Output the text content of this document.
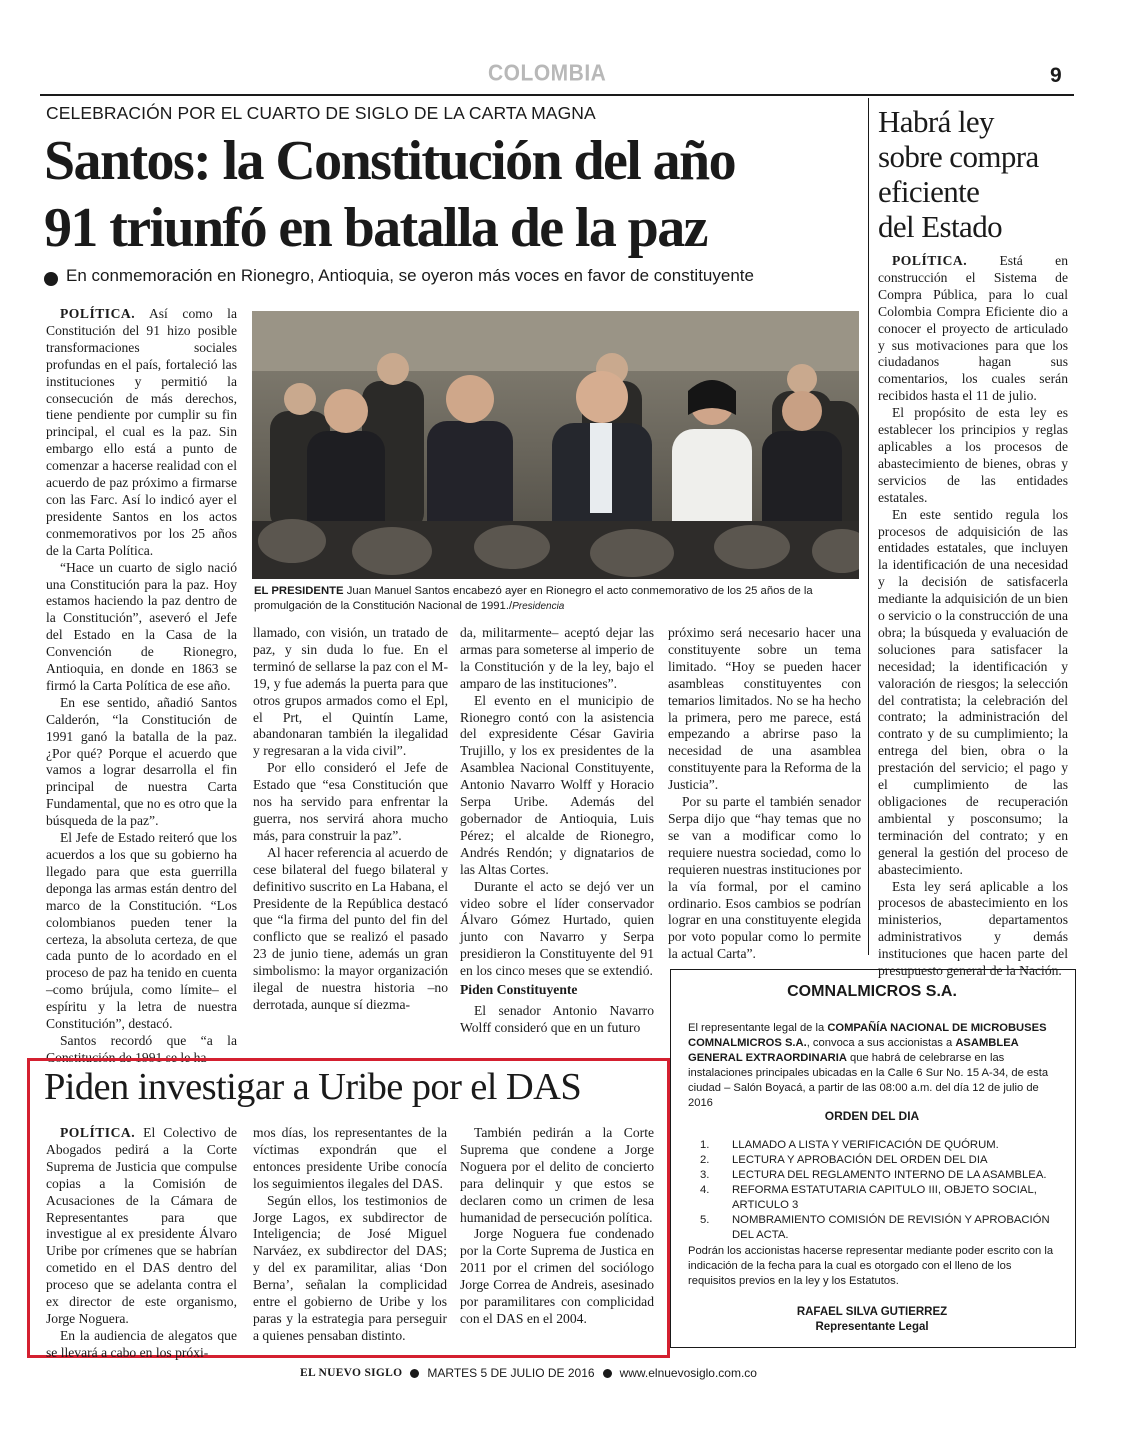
COLOMBIA	9
CELEBRACIÓN POR EL CUARTO DE SIGLO DE LA CARTA MAGNA
Santos: la Constitución del año
91 triunfó en batalla de la paz
En conmemoración en Rionegro, Antioquia, se oyeron más voces en favor de constituyente

POLÍTICA. Así como la Constitución del 91 hizo posible transformaciones sociales profundas en el país, fortaleció las instituciones y permitió la consecución de más derechos, tiene pendiente por cumplir su fin principal, el cual es la paz. Sin embargo ello está a punto de comenzar a hacerse realidad con el acuerdo de paz próximo a firmarse con las Farc. Así lo indicó ayer el presidente Santos en los actos conmemorativos por los 25 años de la Carta Política.

“Hace un cuarto de siglo nació una Constitución para la paz. Hoy estamos haciendo la paz dentro de la Constitución”, aseveró el Jefe del Estado en la Casa de la Convención de Rionegro, Antioquia, en donde en 1863 se firmó la Carta Política de ese año.

En ese sentido, añadió Santos Calderón, “la Constitución de 1991 ganó la batalla de la paz. ¿Por qué? Porque el acuerdo que vamos a lograr desarrolla el fin principal de nuestra Carta Fundamental, que no es otro que la búsqueda de la paz”.

El Jefe de Estado reiteró que los acuerdos a los que su gobierno ha llegado para que esta guerrilla deponga las armas están dentro del marco de la Constitución. “Los colombianos pueden tener la certeza, la absoluta certeza, de que cada punto de lo acordado en el proceso de paz ha tenido en cuenta –como brújula, como límite– el espíritu y la letra de nuestra Constitución”, destacó.

Santos recordó que “a la Constitución de 1991 se le ha

EL PRESIDENTE Juan Manuel Santos encabezó ayer en Rionegro el acto conmemorativo de los 25 años de la promulgación de la Constitución Nacional de 1991./Presidencia

llamado, con visión, un tratado de paz, y sin duda lo fue. En el terminó de sellarse la paz con el M-19, y fue además la puerta para que otros grupos armados como el Epl, el Prt, el Quintín Lame, abandonaran también la ilegalidad y regresaran a la vida civil”.

Por ello consideró el Jefe de Estado que “esa Constitución que nos ha servido para enfrentar la guerra, nos servirá ahora mucho más, para construir la paz”.

Al hacer referencia al acuerdo de cese bilateral del fuego bilateral y definitivo suscrito en La Habana, el Presidente de la República destacó que “la firma del punto del fin del conflicto que se realizó el pasado 23 de junio tiene, además un gran simbolismo: la mayor organización ilegal de nuestra historia –no derrotada, aunque sí diezma-

da, militarmente– aceptó dejar las armas para someterse al imperio de la Constitución y de la ley, bajo el amparo de las instituciones”.

El evento en el municipio de Rionegro contó con la asistencia del expresidente César Gaviria Trujillo, y los ex presidentes de la Asamblea Nacional Constituyente, Antonio Navarro Wolff y Horacio Serpa Uribe. Además del gobernador de Antioquia, Luis Pérez; el alcalde de Rionegro, Andrés Rendón; y dignatarios de las Altas Cortes.

Durante el acto se dejó ver un video sobre el líder conservador Álvaro Gómez Hurtado, quien junto con Navarro y Serpa presidieron la Constituyente del 91 en los cinco meses que se extendió.

Piden Constituyente

El senador Antonio Navarro Wolff consideró que en un futuro

próximo será necesario hacer una constituyente sobre un tema limitado. “Hoy se pueden hacer asambleas constituyentes con temarios limitados. No se ha hecho la primera, pero me parece, está empezando a abrirse paso la necesidad de una asamblea constituyente para la Reforma de la Justicia”.

Por su parte el también senador Serpa dijo que “hay temas que no se van a modificar como lo requiere nuestra sociedad, como lo requieren nuestras instituciones por la vía formal, por el camino ordinario. Esos cambios se podrían lograr en una constituyente elegida por voto popular como lo permite la actual Carta”.

Habrá ley
sobre compra
eficiente
del Estado

POLÍTICA. Está en construcción el Sistema de Compra Pública, para lo cual Colombia Compra Eficiente dio a conocer el proyecto de articulado y sus motivaciones para que los ciudadanos hagan sus comentarios, los cuales serán recibidos hasta el 11 de julio.

El propósito de esta ley es establecer los principios y reglas aplicables a los procesos de abastecimiento de bienes, obras y servicios de las entidades estatales.

En este sentido regula los procesos de adquisición de las entidades estatales, que incluyen la identificación de una necesidad y la decisión de satisfacerla mediante la adquisición de un bien o servicio o la construcción de una obra; la búsqueda y evaluación de soluciones para satisfacer la necesidad; la identificación y valoración de riesgos; la selección del contratista; la celebración del contrato; la administración del contrato y de su cumplimiento; la entrega del bien, obra o la prestación del servicio; el pago y el cumplimiento de las obligaciones de recuperación ambiental y posconsumo; la terminación del contrato; y en general la gestión del proceso de abastecimiento.

Esta ley será aplicable a los procesos de abastecimiento en los ministerios, departamentos administrativos y demás instituciones que hacen parte del presupuesto general de la Nación.

Piden investigar a Uribe por el DAS

POLÍTICA. El Colectivo de Abogados pedirá a la Corte Suprema de Justicia que compulse copias a la Comisión de Acusaciones de la Cámara de Representantes para que investigue al ex presidente Álvaro Uribe por crímenes que se habrían cometido en el DAS dentro del proceso que se adelanta contra el ex director de este organismo, Jorge Noguera.

En la audiencia de alegatos que se llevará a cabo en los próxi-

mos días, los representantes de la víctimas expondrán que el entonces presidente Uribe conocía los seguimientos ilegales del DAS.

Según ellos, los testimonios de Jorge Lagos, ex subdirector de Inteligencia; de José Miguel Narváez, ex subdirector del DAS; y del ex paramilitar, alias ‘Don Berna’, señalan la complicidad entre el gobierno de Uribe y los paras y la estrategia para perseguir a quienes pensaban distinto.

También pedirán a la Corte Suprema que condene a Jorge Noguera por el delito de concierto para delinquir y que estos se declaren como un crimen de lesa humanidad de persecución política.

Jorge Noguera fue condenado por la Corte Suprema de Justica en 2011 por el crimen del sociólogo Jorge Correa de Andreis, asesinado por paramilitares con complicidad con el DAS en el 2004.

COMNALMICROS S.A.
El representante legal de la COMPAÑÍA NACIONAL DE MICROBUSES COMNALMICROS S.A., convoca a sus accionistas a ASAMBLEA GENERAL EXTRAORDINARIA que habrá de celebrarse en las instalaciones principales ubicadas en la Calle 6 Sur No. 15 A-34, de esta ciudad – Salón Boyacá, a partir de las 08:00 a.m. del día 12 de julio de 2016
ORDEN DEL DIA
1.	LLAMADO A LISTA Y VERIFICACIÓN DE QUÓRUM.
2.	LECTURA Y APROBACIÓN DEL ORDEN DEL DIA
3.	LECTURA DEL REGLAMENTO INTERNO DE LA ASAMBLEA.
4.	REFORMA ESTATUTARIA CAPITULO III, OBJETO SOCIAL, ARTICULO 3
5.	NOMBRAMIENTO COMISIÓN DE REVISIÓN Y APROBACIÓN DEL ACTA.
Podrán los accionistas hacerse representar mediante poder escrito con la indicación de la fecha para la cual es otorgado con el lleno de los requisitos previos en la ley y los Estatutos.
RAFAEL SILVA GUTIERREZ
Representante Legal
EL NUEVO SIGLO MARTES 5 DE JULIO DE 2016 www.elnuevosiglo.com.co
